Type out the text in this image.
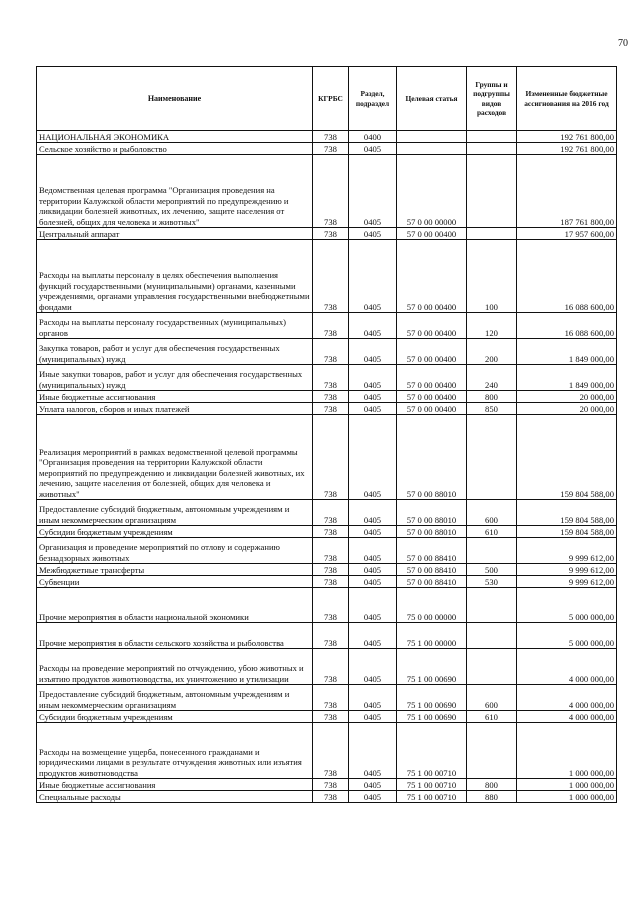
70
Наименование	КГРБС	Раздел, подраздел	Целевая статья	Группы и подгруппы видов расходов	Измененные бюджетные ассигнования на 2016 год
НАЦИОНАЛЬНАЯ ЭКОНОМИКА	738	0400			192 761 800,00
Сельское хозяйство и рыболовство	738	0405			192 761 800,00
Ведомственная целевая программа "Организация проведения на территории Калужской области мероприятий по предупреждению и ликвидации болезней животных, их лечению, защите населения от болезней, общих для человека и животных"	738	0405	57 0 00 00000		187 761 800,00
Центральный аппарат	738	0405	57 0 00 00400		17 957 600,00
Расходы на выплаты персоналу в целях обеспечения выполнения функций государственными (муниципальными) органами, казенными учреждениями, органами управления государственными внебюджетными фондами	738	0405	57 0 00 00400	100	16 088 600,00
Расходы на выплаты персоналу государственных (муниципальных) органов	738	0405	57 0 00 00400	120	16 088 600,00
Закупка товаров, работ и услуг для обеспечения государственных (муниципальных) нужд	738	0405	57 0 00 00400	200	1 849 000,00
Иные закупки товаров, работ и услуг для обеспечения государственных (муниципальных) нужд	738	0405	57 0 00 00400	240	1 849 000,00
Иные бюджетные ассигнования	738	0405	57 0 00 00400	800	20 000,00
Уплата налогов, сборов и иных платежей	738	0405	57 0 00 00400	850	20 000,00
Реализация мероприятий в рамках ведомственной целевой программы "Организация проведения на территории Калужской области мероприятий по предупреждению и ликвидации болезней животных, их лечению, защите населения от болезней, общих для человека и животных"	738	0405	57 0 00 88010		159 804 588,00
Предоставление субсидий бюджетным, автономным учреждениям и иным некоммерческим организациям	738	0405	57 0 00 88010	600	159 804 588,00
Субсидии бюджетным учреждениям	738	0405	57 0 00 88010	610	159 804 588,00
Организация и проведение мероприятий по отлову и содержанию безнадзорных животных	738	0405	57 0 00 88410		9 999 612,00
Межбюджетные трансферты	738	0405	57 0 00 88410	500	9 999 612,00
Субвенции	738	0405	57 0 00 88410	530	9 999 612,00
Прочие мероприятия в области национальной экономики	738	0405	75 0 00 00000		5 000 000,00
Прочие мероприятия в области сельского хозяйства и рыболовства	738	0405	75 1 00 00000		5 000 000,00
Расходы на проведение мероприятий по отчуждению, убою животных и изъятию продуктов животноводства, их уничтожению и утилизации	738	0405	75 1 00 00690		4 000 000,00
Предоставление субсидий бюджетным, автономным учреждениям и иным некоммерческим организациям	738	0405	75 1 00 00690	600	4 000 000,00
Субсидии бюджетным учреждениям	738	0405	75 1 00 00690	610	4 000 000,00
Расходы на возмещение ущерба, понесенного гражданами и юридическими лицами в результате отчуждения животных или изъятия продуктов животноводства	738	0405	75 1 00 00710		1 000 000,00
Иные бюджетные ассигнования	738	0405	75 1 00 00710	800	1 000 000,00
Специальные расходы	738	0405	75 1 00 00710	880	1 000 000,00
